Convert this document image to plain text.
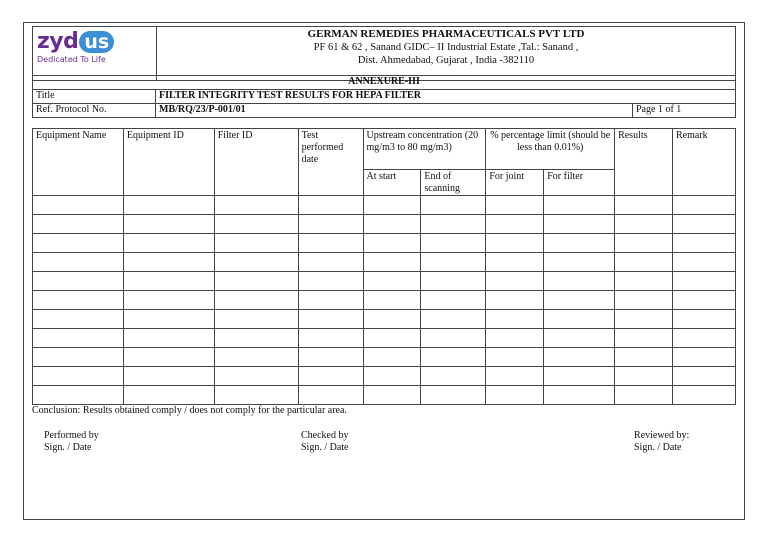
zyd us
Dedicated To Life

GERMAN REMEDIES PHARMACEUTICALS PVT LTD
PF 61 & 62 , Sanand GIDC– II Industrial Estate ,Tal.: Sanand ,
Dist. Ahmedabad, Gujarat , India -382110
ANNEXURE-III		
Title	FILTER INTEGRITY TEST RESULTS FOR HEPA FILTER	
Ref. Protocol No.	MB/RQ/23/P-001/01	Page 1 of 1
Equipment Name	Equipment ID	Filter ID	Test performed date	Upstream concentration (20 mg/m3 to 80 mg/m3)		% percentage limit (should be less than 0.01%)		Results	Remark
				At start	End of scanning	For joint	For filter		

Conclusion: Results obtained comply / does not comply for the particular area.
Performed by
Sign. / Date
Checked by
Sign. / Date
Reviewed by:
Sign. / Date
